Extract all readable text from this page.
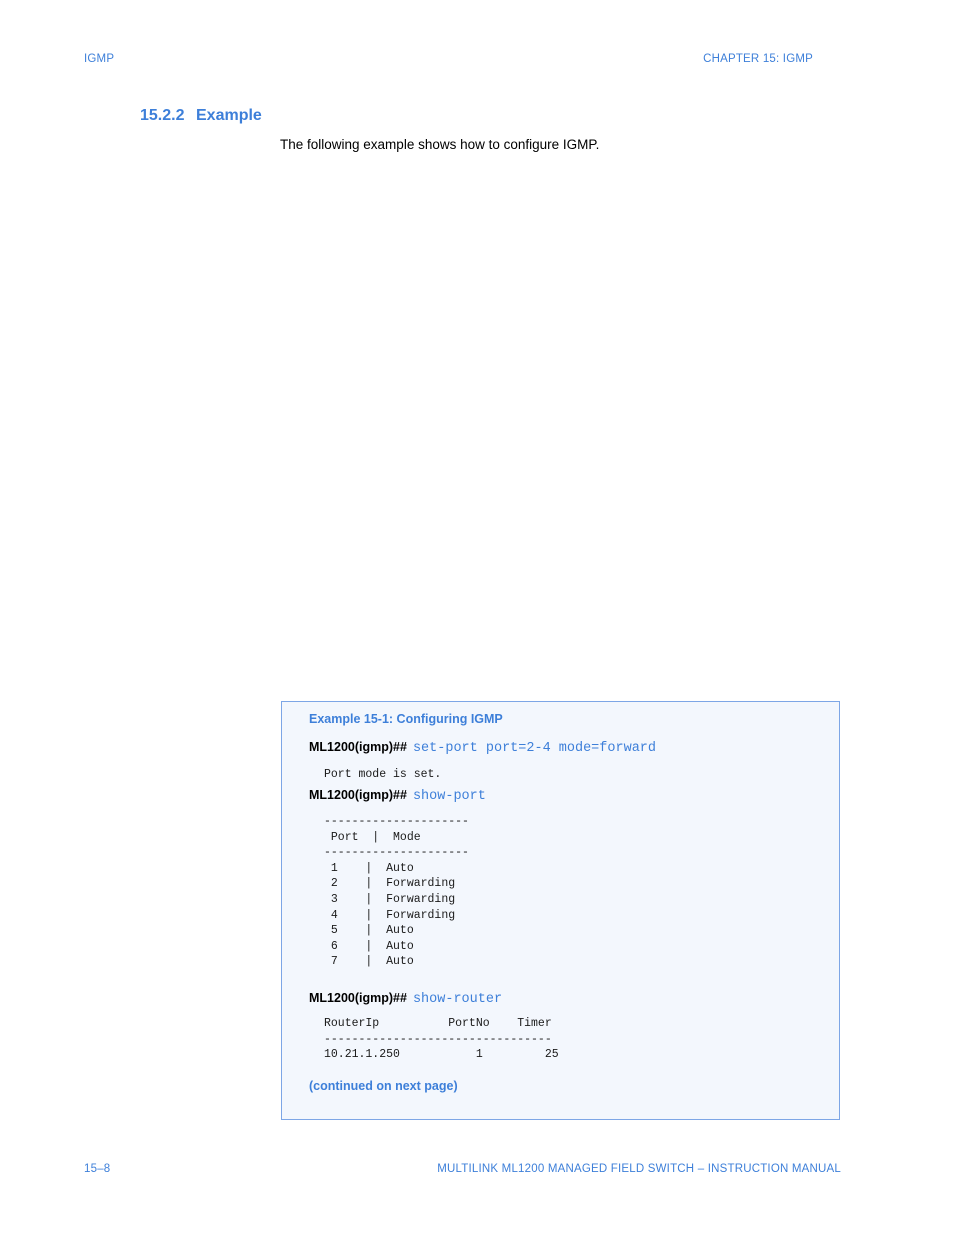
IGMP	CHAPTER 15: IGMP
15.2.2 Example
The following example shows how to configure IGMP.
Example 15-1: Configuring IGMP
ML1200(igmp)## set-port port=2-4 mode=forward
Port mode is set.
ML1200(igmp)## show-port
---------------------
Port  |  Mode
---------------------
1    |  Auto
2    |  Forwarding
3    |  Forwarding
4    |  Forwarding
5    |  Auto
6    |  Auto
7    |  Auto
ML1200(igmp)## show-router
RouterIp          PortNo    Timer
---------------------------------
10.21.1.250           1         25
(continued on next page)
15–8	MULTILINK ML1200 MANAGED FIELD SWITCH – INSTRUCTION MANUAL
